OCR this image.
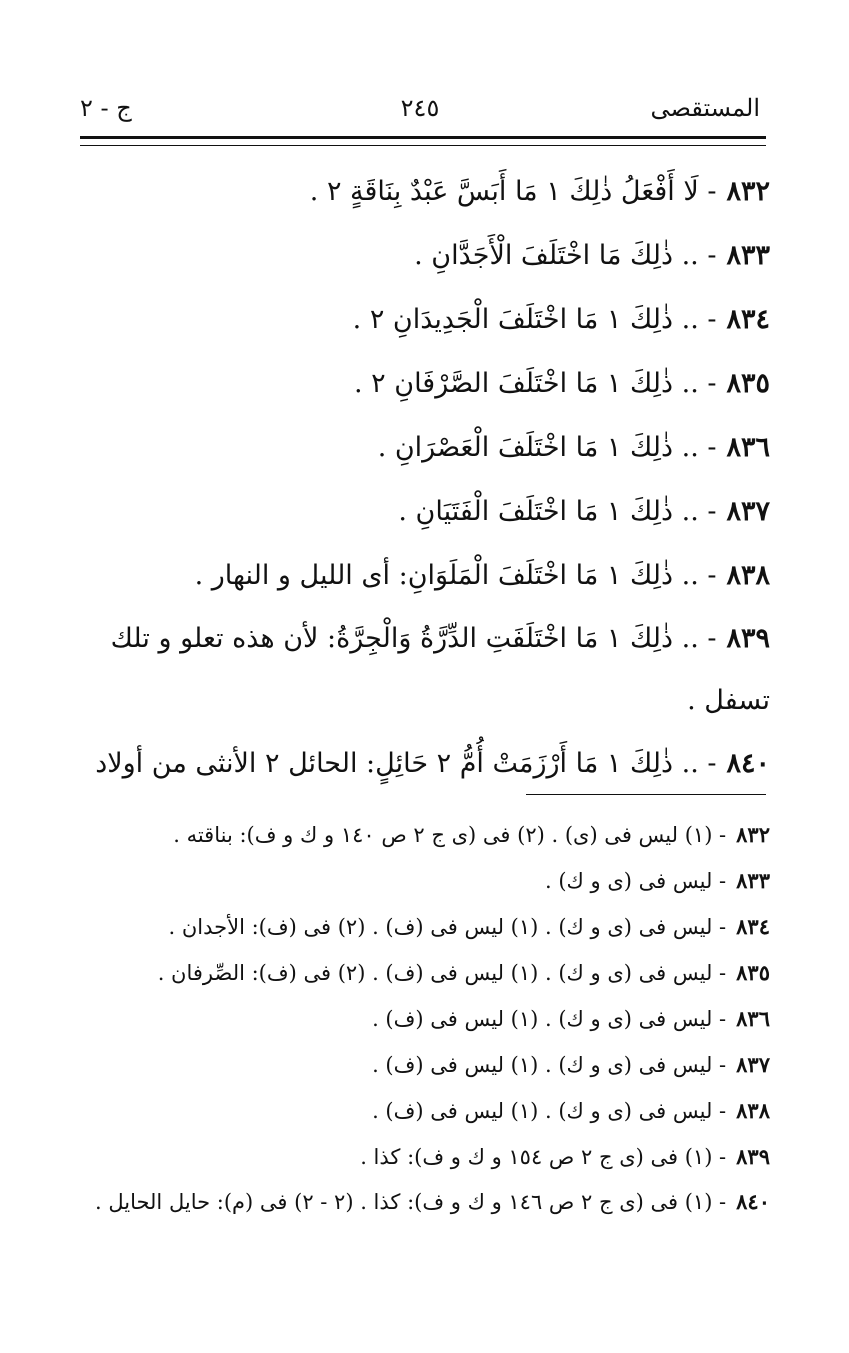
المستقصى
٢٤٥
ج - ٢
٨٣٢- لَا أَفْعَلُ ذٰلِكَ ١ مَا أَبَسَّ عَبْدٌ بِنَاقَةٍ ٢ .
٨٣٣- .. ذٰلِكَ مَا اخْتَلَفَ الْأَجَدَّانِ .
٨٣٤- .. ذٰلِكَ ١ مَا اخْتَلَفَ الْجَدِيدَانِ ٢ .
٨٣٥- .. ذٰلِكَ ١ مَا اخْتَلَفَ الصَّرْفَانِ ٢ .
٨٣٦- .. ذٰلِكَ ١ مَا اخْتَلَفَ الْعَصْرَانِ .
٨٣٧- .. ذٰلِكَ ١ مَا اخْتَلَفَ الْفَتَيَانِ .
٨٣٨- .. ذٰلِكَ ١ مَا اخْتَلَفَ الْمَلَوَانِ: أى الليل و النهار .
٨٣٩- .. ذٰلِكَ ١ مَا اخْتَلَفَتِ الدِّرَّةُ وَالْجِرَّةُ: لأن هذه تعلو و تلك تسفل .
٨٤٠- .. ذٰلِكَ ١ مَا أَرْزَمَتْ أُمُّ ٢ حَائِلٍ: الحائل ٢ الأنثى من أولاد
٨٣٢- (١) ليس فى (ى) . (٢) فى (ى ج ٢ ص ١٤٠ و ك و ف): بناقته .
٨٣٣- ليس فى (ى و ك) .
٨٣٤- ليس فى (ى و ك) . (١) ليس فى (ف) . (٢) فى (ف): الأجدان .
٨٣٥- ليس فى (ى و ك) . (١) ليس فى (ف) . (٢) فى (ف): الصِّرفان .
٨٣٦- ليس فى (ى و ك) . (١) ليس فى (ف) .
٨٣٧- ليس فى (ى و ك) . (١) ليس فى (ف) .
٨٣٨- ليس فى (ى و ك) . (١) ليس فى (ف) .
٨٣٩- (١) فى (ى ج ٢ ص ١٥٤ و ك و ف): كذا .
٨٤٠- (١) فى (ى ج ٢ ص ١٤٦ و ك و ف): كذا . (٢ - ٢) فى (م): حايل الحايل .
